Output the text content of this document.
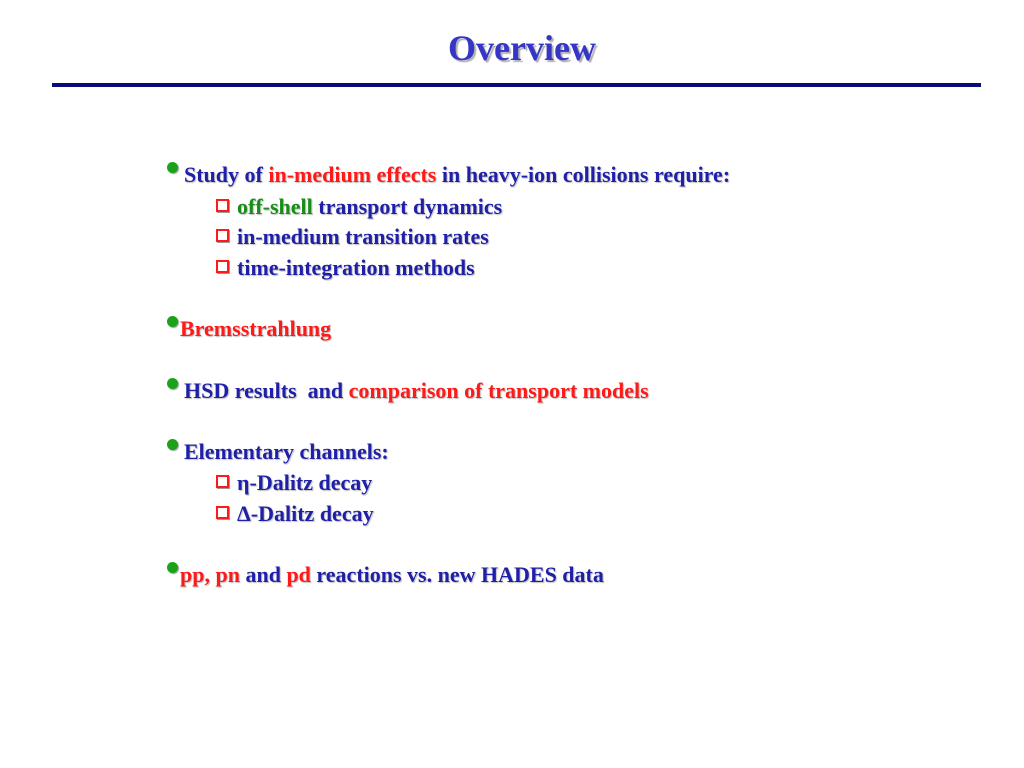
Overview
Study of in-medium effects in heavy-ion collisions require:
off-shell transport dynamics
in-medium transition rates
time-integration methods
Bremsstrahlung
HSD results  and comparison of transport models
Elementary channels:
η-Dalitz decay
Δ-Dalitz decay
pp, pn and pd reactions vs. new HADES data
